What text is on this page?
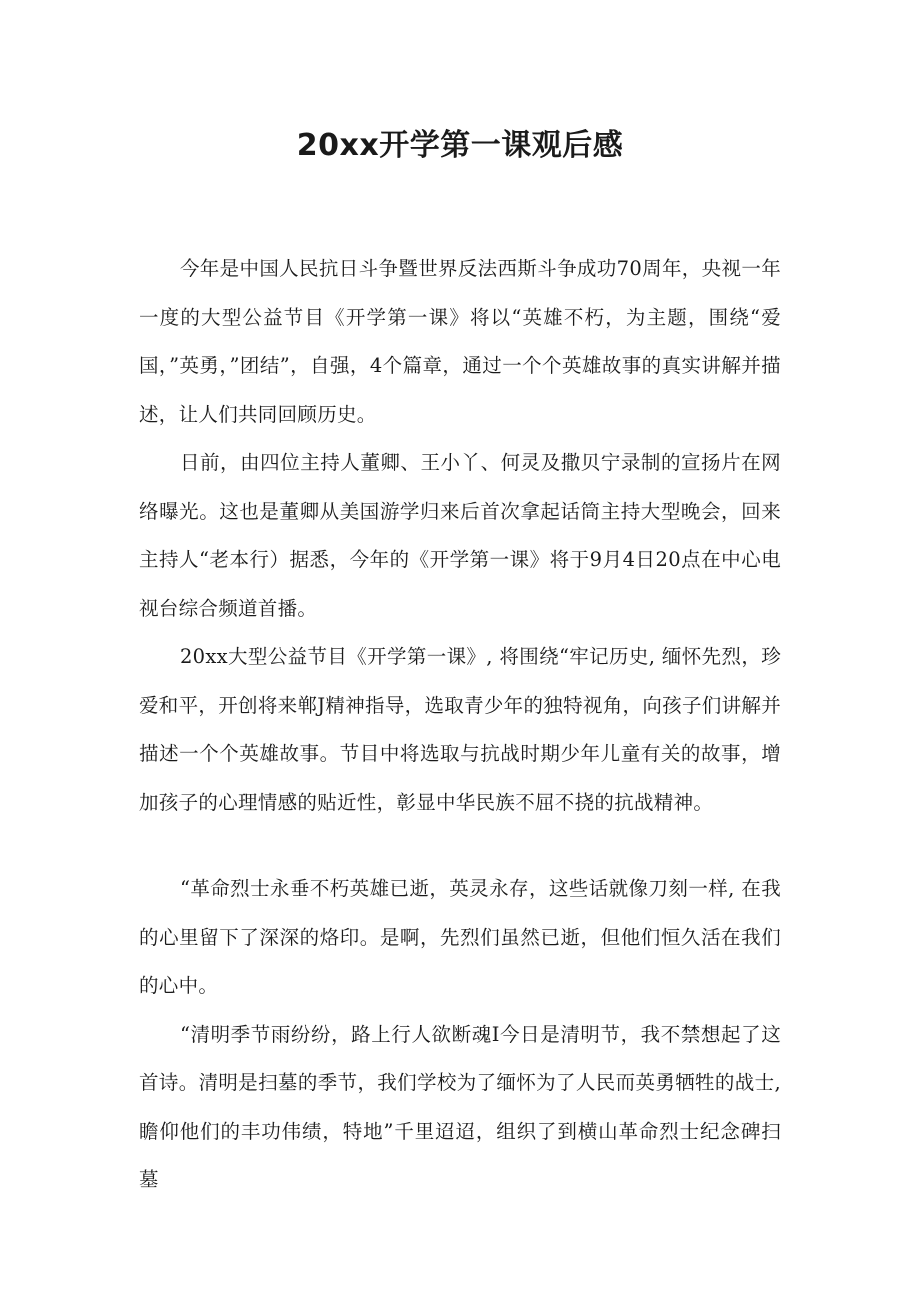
20xx开学第一课观后感

今年是中国人民抗日斗争暨世界反法西斯斗争成功70周年，央视一年一度的大型公益节目《开学第一课》将以“英雄不朽，为主题，围绕“爱国，”英勇，”团结”，自强，4个篇章，通过一个个英雄故事的真实讲解并描述，让人们共同回顾历史。

日前，由四位主持人董卿、王小丫、何灵及撒贝宁录制的宣扬片在网络曝光。这也是董卿从美国游学归来后首次拿起话筒主持大型晚会，回来主持人“老本行）据悉，今年的《开学第一课》将于9月4日20点在中心电视台综合频道首播。

20xx大型公益节目《开学第一课》, 将围绕“牢记历史, 缅怀先烈，珍爱和平，开创将来郸J精神指导，选取青少年的独特视角，向孩子们讲解并描述一个个英雄故事。节目中将选取与抗战时期少年儿童有关的故事，增加孩子的心理情感的贴近性，彰显中华民族不屈不挠的抗战精神。

“革命烈士永垂不朽英雄已逝，英灵永存，这些话就像刀刻一样, 在我的心里留下了深深的烙印。是啊，先烈们虽然已逝，但他们恒久活在我们的心中。

“清明季节雨纷纷，路上行人欲断魂I今日是清明节，我不禁想起了这首诗。清明是扫墓的季节，我们学校为了缅怀为了人民而英勇牺牲的战士, 瞻仰他们的丰功伟绩，特地”千里迢迢，组织了到横山革命烈士纪念碑扫墓
